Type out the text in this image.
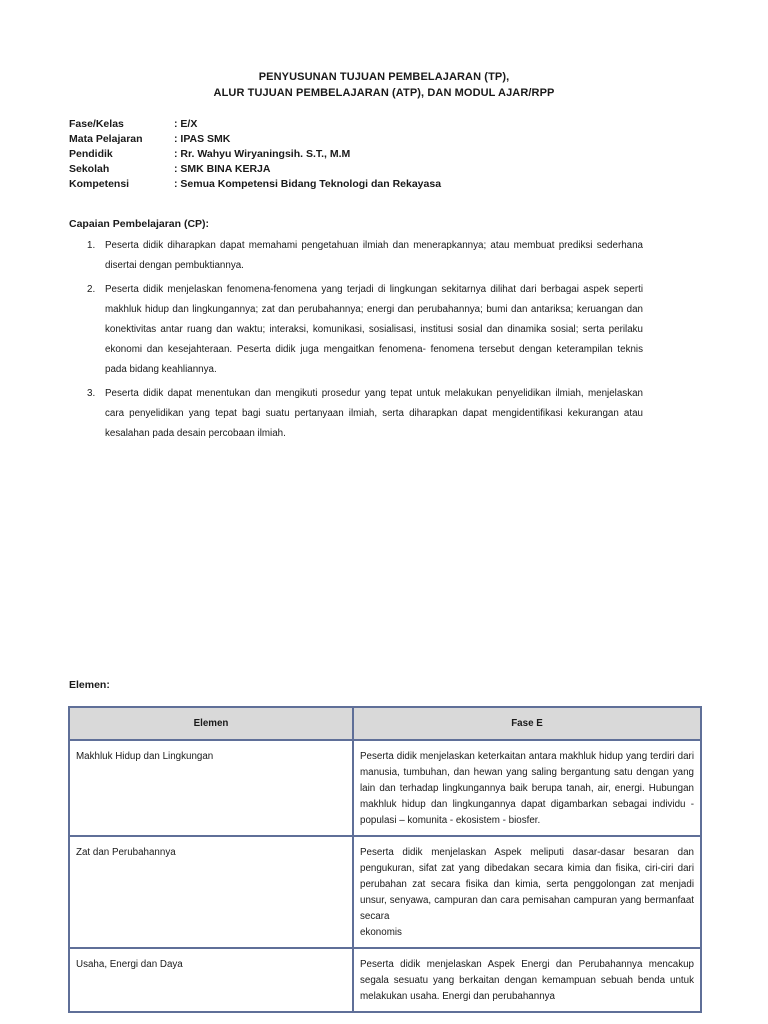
PENYUSUNAN TUJUAN PEMBELAJARAN (TP),
ALUR TUJUAN PEMBELAJARAN (ATP), DAN MODUL AJAR/RPP
Fase/Kelas	: E/X
Mata Pelajaran	: IPAS SMK
Pendidik	: Rr. Wahyu Wiryaningsih. S.T., M.M
Sekolah	: SMK BINA KERJA
Kompetensi	: Semua Kompetensi Bidang Teknologi dan Rekayasa
Capaian Pembelajaran (CP):
1. Peserta didik diharapkan dapat memahami pengetahuan ilmiah dan menerapkannya; atau membuat prediksi sederhana disertai dengan pembuktiannya.
2. Peserta didik menjelaskan fenomena-fenomena yang terjadi di lingkungan sekitarnya dilihat dari berbagai aspek seperti makhluk hidup dan lingkungannya; zat dan perubahannya; energi dan perubahannya; bumi dan antariksa; keruangan dan konektivitas antar ruang dan waktu; interaksi, komunikasi, sosialisasi, institusi sosial dan dinamika sosial; serta perilaku ekonomi dan kesejahteraan. Peserta didik juga mengaitkan fenomena- fenomena tersebut dengan keterampilan teknis pada bidang keahliannya.
3. Peserta didik dapat menentukan dan mengikuti prosedur yang tepat untuk melakukan penyelidikan ilmiah, menjelaskan cara penyelidikan yang tepat bagi suatu pertanyaan ilmiah, serta diharapkan dapat mengidentifikasi kekurangan atau kesalahan pada desain percobaan ilmiah.
Elemen:
Elemen	Fase E
Makhluk Hidup dan Lingkungan	Peserta didik menjelaskan keterkaitan antara makhluk hidup yang terdiri dari manusia, tumbuhan, dan hewan yang saling bergantung satu dengan yang lain dan terhadap lingkungannya baik berupa tanah, air, energi. Hubungan makhluk hidup dan lingkungannya dapat digambarkan sebagai individu - populasi – komunita - ekosistem - biosfer.
Zat dan Perubahannya	Peserta didik menjelaskan Aspek meliputi dasar-dasar besaran dan pengukuran, sifat zat yang dibedakan secara kimia dan fisika, ciri-ciri dari perubahan zat secara fisika dan kimia, serta penggolongan zat menjadi unsur, senyawa, campuran dan cara pemisahan campuran yang bermanfaat secara
ekonomis

Usaha, Energi dan Daya	Peserta didik menjelaskan Aspek Energi dan Perubahannya mencakup segala sesuatu yang berkaitan dengan kemampuan sebuah benda untuk melakukan usaha. Energi dan perubahannya
